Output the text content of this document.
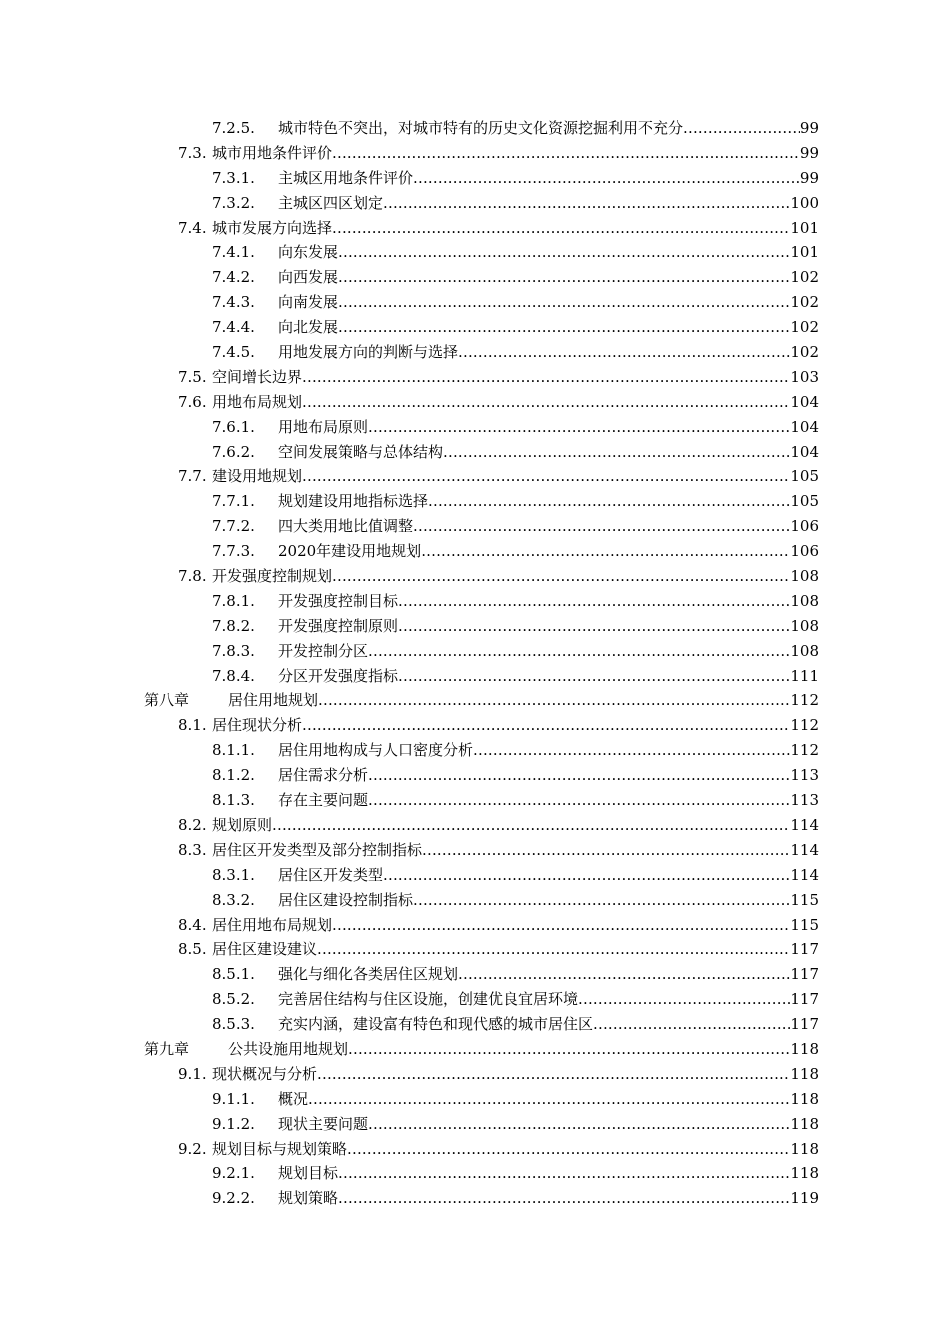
7.2.5. 城市特色不突出，对城市特有的历史文化资源挖掘利用不充分 .....	99
7.3. 城市用地条件评价 .....	99
7.3.1. 主城区用地条件评价 .....	99
7.3.2. 主城区四区划定 .....	100
7.4. 城市发展方向选择 .....	101
7.4.1. 向东发展 .....	101
7.4.2. 向西发展 .....	102
7.4.3. 向南发展 .....	102
7.4.4. 向北发展 .....	102
7.4.5. 用地发展方向的判断与选择 .....	102
7.5. 空间增长边界 .....	103
7.6. 用地布局规划 .....	104
7.6.1. 用地布局原则 .....	104
7.6.2. 空间发展策略与总体结构 .....	104
7.7. 建设用地规划 .....	105
7.7.1. 规划建设用地指标选择 .....	105
7.7.2. 四大类用地比值调整 .....	106
7.7.3. 2020年建设用地规划 .....	106
7.8. 开发强度控制规划 .....	108
7.8.1. 开发强度控制目标 .....	108
7.8.2. 开发强度控制原则 .....	108
7.8.3. 开发控制分区 .....	108
7.8.4. 分区开发强度指标 .....	111
第八章	居住用地规划 .....	112
8.1. 居住现状分析 .....	112
8.1.1. 居住用地构成与人口密度分析 .....	112
8.1.2. 居住需求分析 .....	113
8.1.3. 存在主要问题 .....	113
8.2. 规划原则 .....	114
8.3. 居住区开发类型及部分控制指标 .....	114
8.3.1. 居住区开发类型 .....	114
8.3.2. 居住区建设控制指标 .....	115
8.4. 居住用地布局规划 .....	115
8.5. 居住区建设建议 .....	117
8.5.1. 强化与细化各类居住区规划 .....	117
8.5.2. 完善居住结构与住区设施，创建优良宜居环境 .....	117
8.5.3. 充实内涵，建设富有特色和现代感的城市居住区 .....	117
第九章	公共设施用地规划 .....	118
9.1. 现状概况与分析 .....	118
9.1.1. 概况 .....	118
9.1.2. 现状主要问题 .....	118
9.2. 规划目标与规划策略 .....	118
9.2.1. 规划目标 .....	118
9.2.2. 规划策略 .....	119
